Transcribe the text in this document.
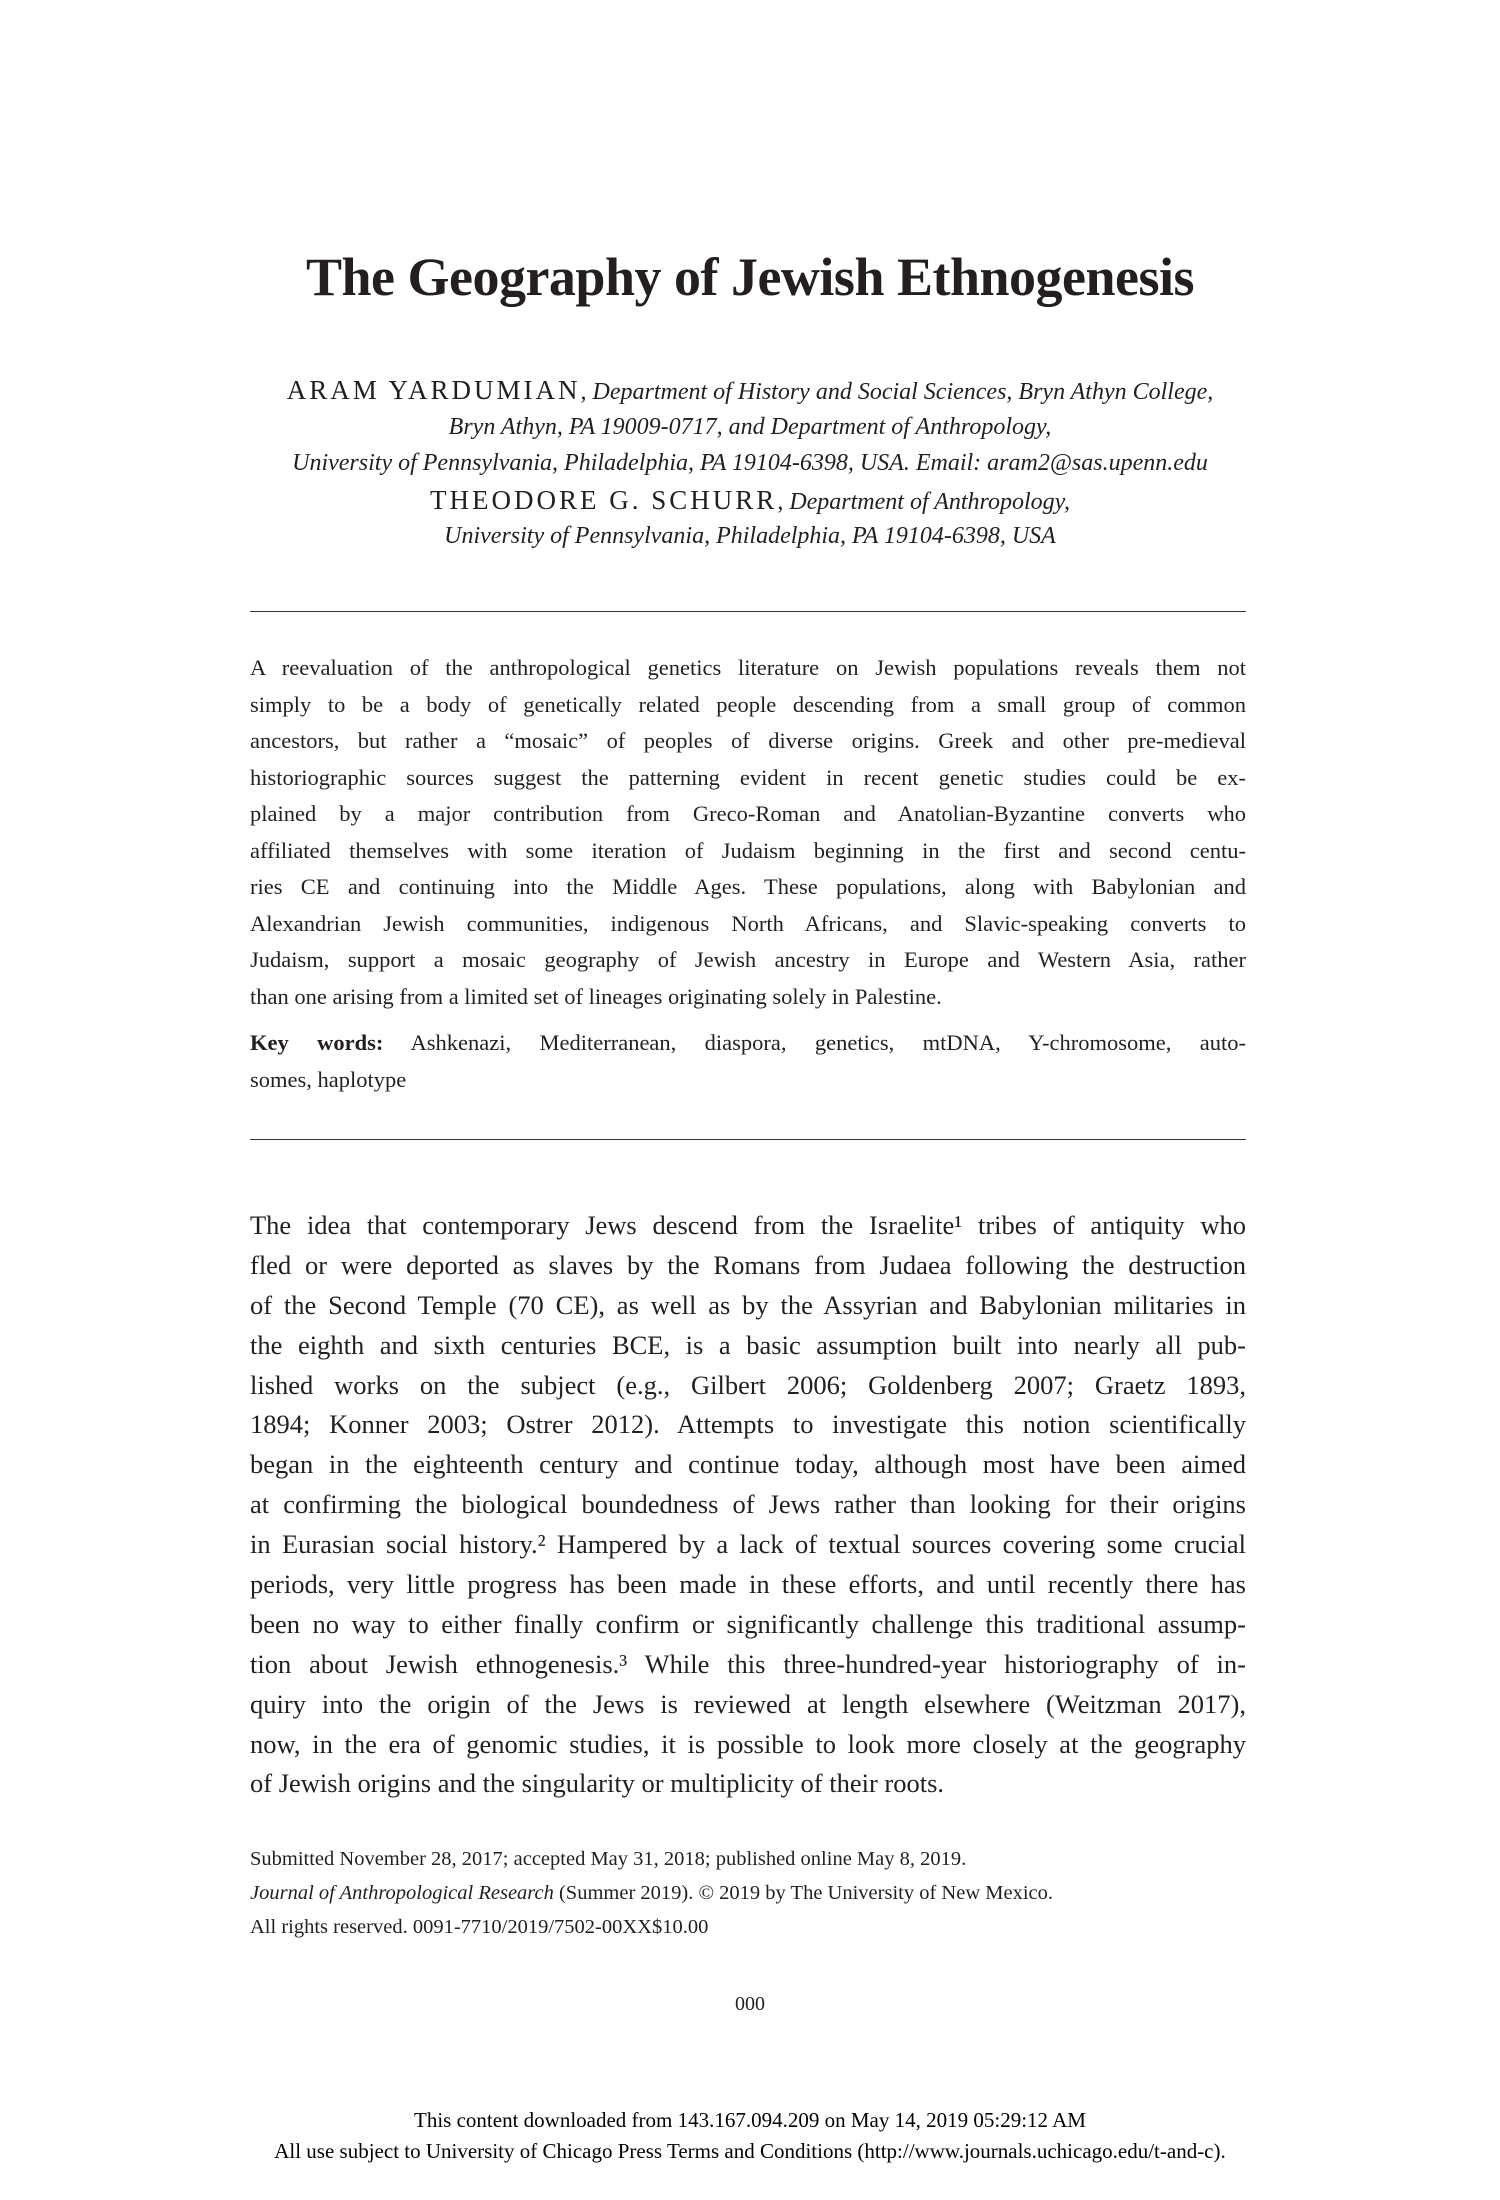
The Geography of Jewish Ethnogenesis
ARAM YARDUMIAN, Department of History and Social Sciences, Bryn Athyn College,
Bryn Athyn, PA 19009-0717, and Department of Anthropology,
University of Pennsylvania, Philadelphia, PA 19104-6398, USA. Email: aram2@sas.upenn.edu
THEODORE G. SCHURR, Department of Anthropology,
University of Pennsylvania, Philadelphia, PA 19104-6398, USA
A reevaluation of the anthropological genetics literature on Jewish populations reveals them not
simply to be a body of genetically related people descending from a small group of common
ancestors, but rather a “mosaic” of peoples of diverse origins. Greek and other pre-medieval
historiographic sources suggest the patterning evident in recent genetic studies could be ex-
plained by a major contribution from Greco-Roman and Anatolian-Byzantine converts who
affiliated themselves with some iteration of Judaism beginning in the first and second centu-
ries CE and continuing into the Middle Ages. These populations, along with Babylonian and
Alexandrian Jewish communities, indigenous North Africans, and Slavic-speaking converts to
Judaism, support a mosaic geography of Jewish ancestry in Europe and Western Asia, rather
than one arising from a limited set of lineages originating solely in Palestine.
Key words: Ashkenazi, Mediterranean, diaspora, genetics, mtDNA, Y-chromosome, auto-
somes, haplotype
The idea that contemporary Jews descend from the Israelite¹ tribes of antiquity who
fled or were deported as slaves by the Romans from Judaea following the destruction
of the Second Temple (70 CE), as well as by the Assyrian and Babylonian militaries in
the eighth and sixth centuries BCE, is a basic assumption built into nearly all pub-
lished works on the subject (e.g., Gilbert 2006; Goldenberg 2007; Graetz 1893,
1894; Konner 2003; Ostrer 2012). Attempts to investigate this notion scientifically
began in the eighteenth century and continue today, although most have been aimed
at confirming the biological boundedness of Jews rather than looking for their origins
in Eurasian social history.² Hampered by a lack of textual sources covering some crucial
periods, very little progress has been made in these efforts, and until recently there has
been no way to either finally confirm or significantly challenge this traditional assump-
tion about Jewish ethnogenesis.³ While this three-hundred-year historiography of in-
quiry into the origin of the Jews is reviewed at length elsewhere (Weitzman 2017),
now, in the era of genomic studies, it is possible to look more closely at the geography
of Jewish origins and the singularity or multiplicity of their roots.
Submitted November 28, 2017; accepted May 31, 2018; published online May 8, 2019.
Journal of Anthropological Research (Summer 2019). © 2019 by The University of New Mexico.
All rights reserved. 0091-7710/2019/7502-00XX$10.00
000
This content downloaded from 143.167.094.209 on May 14, 2019 05:29:12 AM
All use subject to University of Chicago Press Terms and Conditions (http://www.journals.uchicago.edu/t-and-c).
